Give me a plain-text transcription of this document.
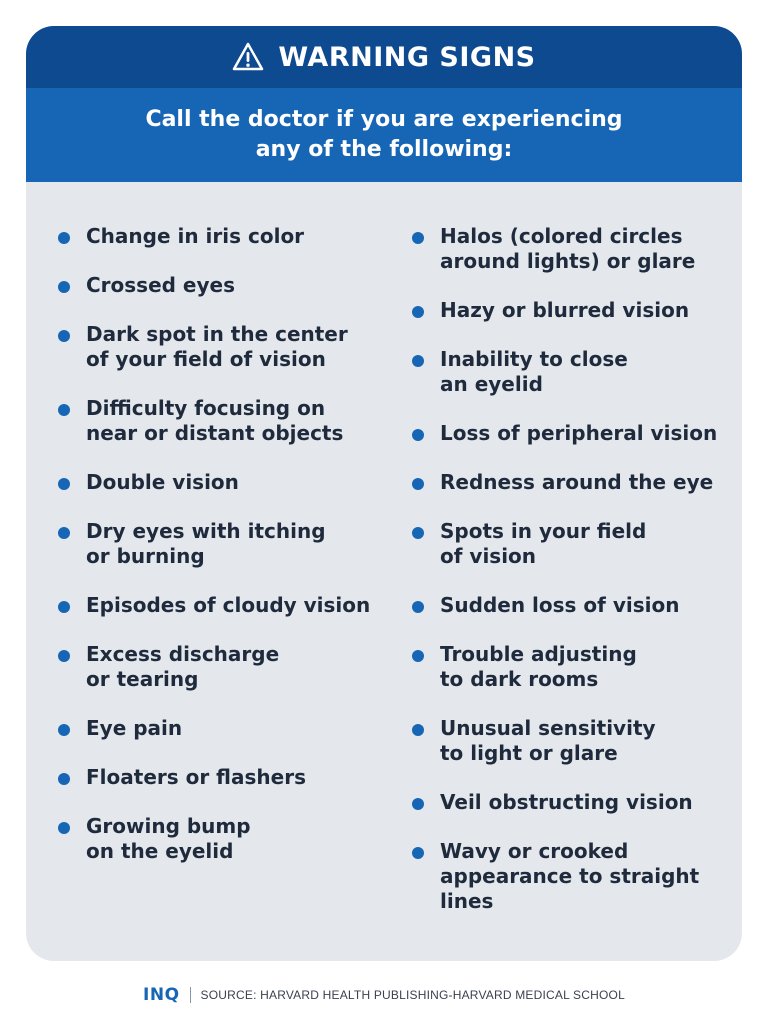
WARNING SIGNS
Call the doctor if you are experiencing
any of the following:
Change in iris color
Crossed eyes
Dark spot in the center
of your field of vision
Difficulty focusing on
near or distant objects
Double vision
Dry eyes with itching
or burning
Episodes of cloudy vision
Excess discharge
or tearing
Eye pain
Floaters or flashers
Growing bump
on the eyelid
Halos (colored circles
around lights) or glare
Hazy or blurred vision
Inability to close
an eyelid
Loss of peripheral vision
Redness around the eye
Spots in your field
of vision
Sudden loss of vision
Trouble adjusting
to dark rooms
Unusual sensitivity
to light or glare
Veil obstructing vision
Wavy or crooked
appearance to straight
lines
INQ SOURCE: HARVARD HEALTH PUBLISHING-HARVARD MEDICAL SCHOOL
